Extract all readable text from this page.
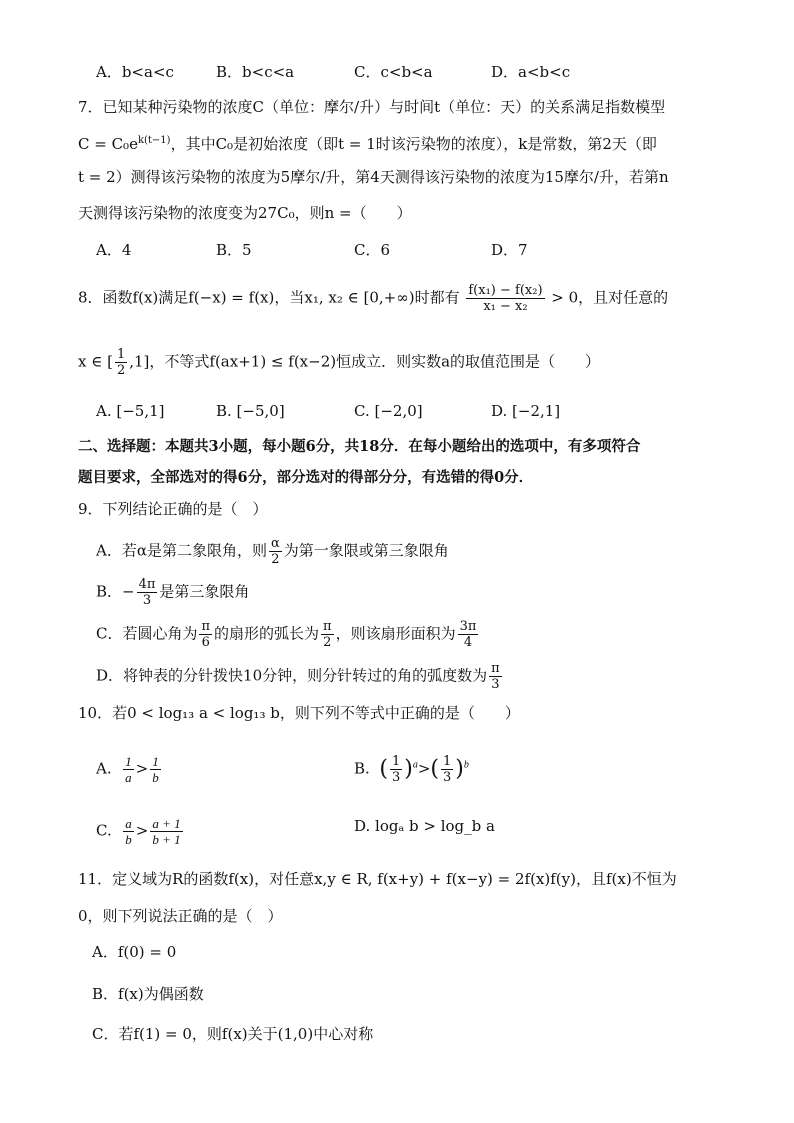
A．b<a<c	B．b<c<a	C．c<b<a	D．a<b<c
7．已知某种污染物的浓度C（单位：摩尔/升）与时间t（单位：天）的关系满足指数模型
$C = C_0e^{k(t-1)}$，其中C₀是初始浓度（即t = 1时该污染物的浓度），k是常数，第2天（即
t = 2）测得该污染物的浓度为5摩尔/升，第4天测得该污染物的浓度为15摩尔/升，若第n
天测得该污染物的浓度变为27C₀，则n =（　　）
A．4	B．5	C．6	D．7
8．函数f(x)满足f(−x) = f(x)，当x₁, x₂ ∈ [0,+∞)时都有 $\frac{\text{f(x₁) − f(x₂)}}{\text{x₁ − x₂}} > 0$，且对任意的
x ∈ [ $\frac{1}{2} ,1$]，不等式f(ax+1) ≤ f(x−2)恒成立．则实数a的取值范围是（　　）
A. [−5,1]	B. [−5,0]	C. [−2,0]	D. [−2,1]
二、选择题：本题共3小题，每小题6分，共18分．在每小题给出的选项中，有多项符合
题目要求，全部选对的得6分，部分选对的得部分分，有选错的得0分．
9．下列结论正确的是（　）
A．若α是第二象限角，则 $\frac{\alpha}{2}$ 为第一象限或第三象限角
B．− $\frac{4\pi}{3}$ 是第三象限角
C．若圆心角为 $\frac{\pi}{6}$ 的扇形的弧长为 $\frac{\pi}{2}$ ，则该扇形面积为 $\frac{3\pi}{4}$
D．将钟表的分针拨快10分钟，则分针转过的角的弧度数为 $\frac{\pi}{3}$
10．若0 < log₁₃ a < log₁₃ b，则下列不等式中正确的是（　　）
A. $\frac{1}{a} > \frac{1}{b}$	B. ( $\frac{1}{3} )^a>( \frac{1}{3} )^b$
C. $\frac{a}{b} > \frac{a + 1}{b + 1}$	D. logₐ b > log_b a
11．定义域为R的函数f(x)，对任意x,y ∈ R, f(x+y) + f(x−y) = 2f(x)f(y)，且f(x)不恒为
0，则下列说法正确的是（　）
A．f(0) = 0
B．f(x)为偶函数
C．若f(1) = 0，则f(x)关于(1,0)中心对称
